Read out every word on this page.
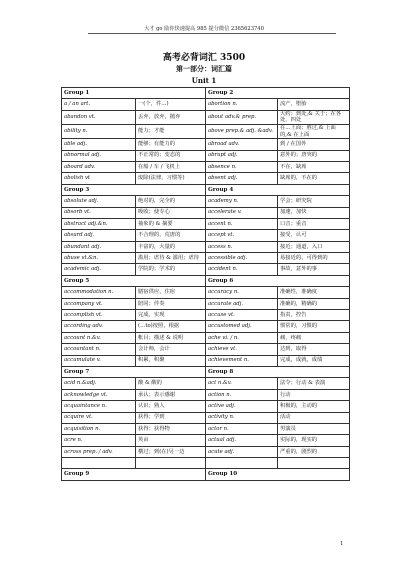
大才 go 励你快速提高 985 提分微信 2365623740
高考必背词汇 3500
第一部分：词汇篇
Unit 1
Group 1		Group 2	
a / an art.	一(个，件…)	abortion n.	流产，堕胎
abandon vt.	丢弃，放弃，抛弃	about adv.& prep.	大约；到处,& 关于；在各处，四处
ability n.	能力；才能	above prep.& adj. &adv.	在…上面；胜过,& 上面的,& 在上面
able adj.	能够；有能力的	abroad adv.	到 / 在国外
abnormal adj.	不正常的；变态的	abrupt adj.	意外的；唐突的
aboard adv.	在船 / 车 / 飞机上	absence n.	不在，缺席
abolish vt	废除(法律，习惯等)	absent adj.	缺席的，不在的
Group 3		Group 4	
absolute adj.	绝对的，完全的	academy n.	学会；研究院
absorb vt.	吸收；使专心	accelerate v.	加速，加快
abstract adj.&n.	抽象的 & 摘要	accent n.	口音；重音
absurd adj.	不合理的，荒唐的	accept vt.	接受，认可
abundant adj.	丰富的，大量的	access n.	接近；通道，入口
abuse vt.&n.	滥用；虐待 & 滥用；虐待	accessible adj.	易接近的，可得到的
academic adj.	学院的；学术的	accident n.	事故，意外的事
Group 5		Group 6	
accommodation n.	膳宿供应，住宿	accuracy n.	准确性，准确度
accompany vt.	陪同；伴奏	accurate adj.	准确的，精确的
accomplish vt.	完成，实现	accuse vt.	指责，控告
according adv.	(…to)按照，根据	accustomed adj.	惯常的，习惯的
account n.&v.	帐目；描述 & 说明	ache vi. / n.	痛，疼痛
accountant n.	会计师，会计	achieve vt.	达到，取得
accumulate v.	积累，积聚	achievement n.	完成，成就，成绩
Group 7		Group 8	
acid n.&adj.	酸 & 酸的	act n.&v.	法令；行动 & 表演
acknowledge vt.	承认；表示感谢	action n.	行动
acquaintance n.	认识；熟人	active adj.	积极的，主动的
acquire vt.	获得；学到	activity n.	活动
acquisition n.	获得；获得物	actor n.	男演员
acre n.	英亩	actual adj.	实际的，现实的
across prep. / adv.	横过；到(在)另一边	acute adj.	严重的，剧烈的

Group 9		Group 10	
1
